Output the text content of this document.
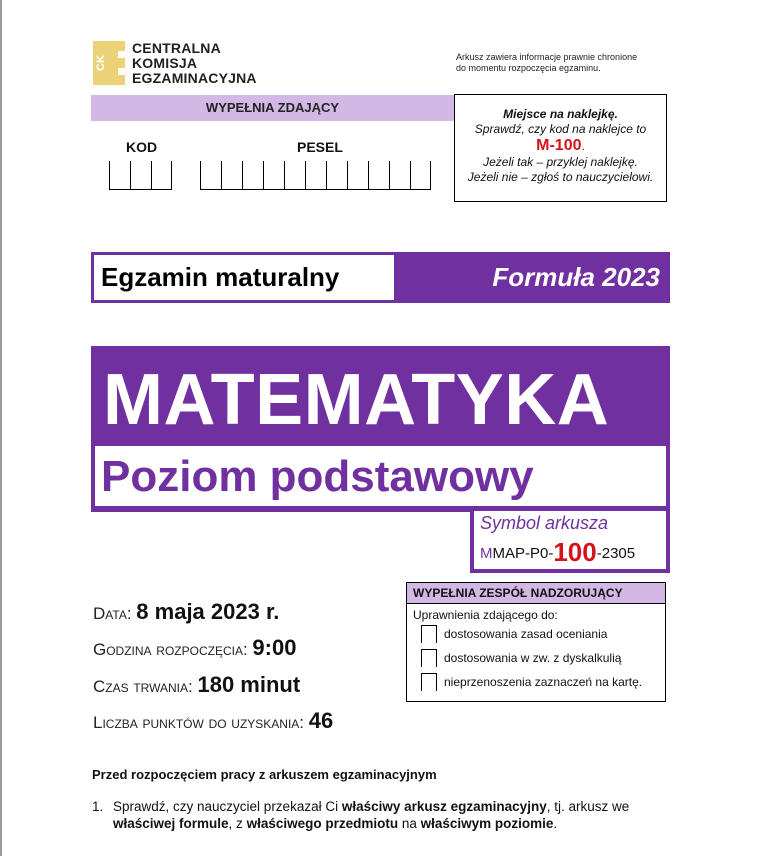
CK
CENTRALNA
KOMISJA
EGZAMINACYJNA
Arkusz zawiera informacje prawnie chronione
do momentu rozpoczęcia egzaminu.
WYPEŁNIA ZDAJĄCY
KOD	PESEL
Miejsce na naklejkę.
Sprawdź, czy kod na naklejce to
M-100.
Jeżeli tak – przyklej naklejkę.
Jeżeli nie – zgłoś to nauczycielowi.
Egzamin maturalny	Formuła 2023
MATEMATYKA
Poziom podstawowy
Symbol arkusza
MMAP-P0-100-2305
WYPEŁNIA ZESPÓŁ NADZORUJĄCY
Uprawnienia zdającego do:
dostosowania zasad oceniania
dostosowania w zw. z dyskalkulią
nieprzenoszenia zaznaczeń na kartę.
Data: 8 maja 2023 r.
Godzina rozpoczęcia: 9:00
Czas trwania: 180 minut
Liczba punktów do uzyskania: 46
Przed rozpoczęciem pracy z arkuszem egzaminacyjnym
1. Sprawdź, czy nauczyciel przekazał Ci właściwy arkusz egzaminacyjny, tj. arkusz we właściwej formule, z właściwego przedmiotu na właściwym poziomie.
